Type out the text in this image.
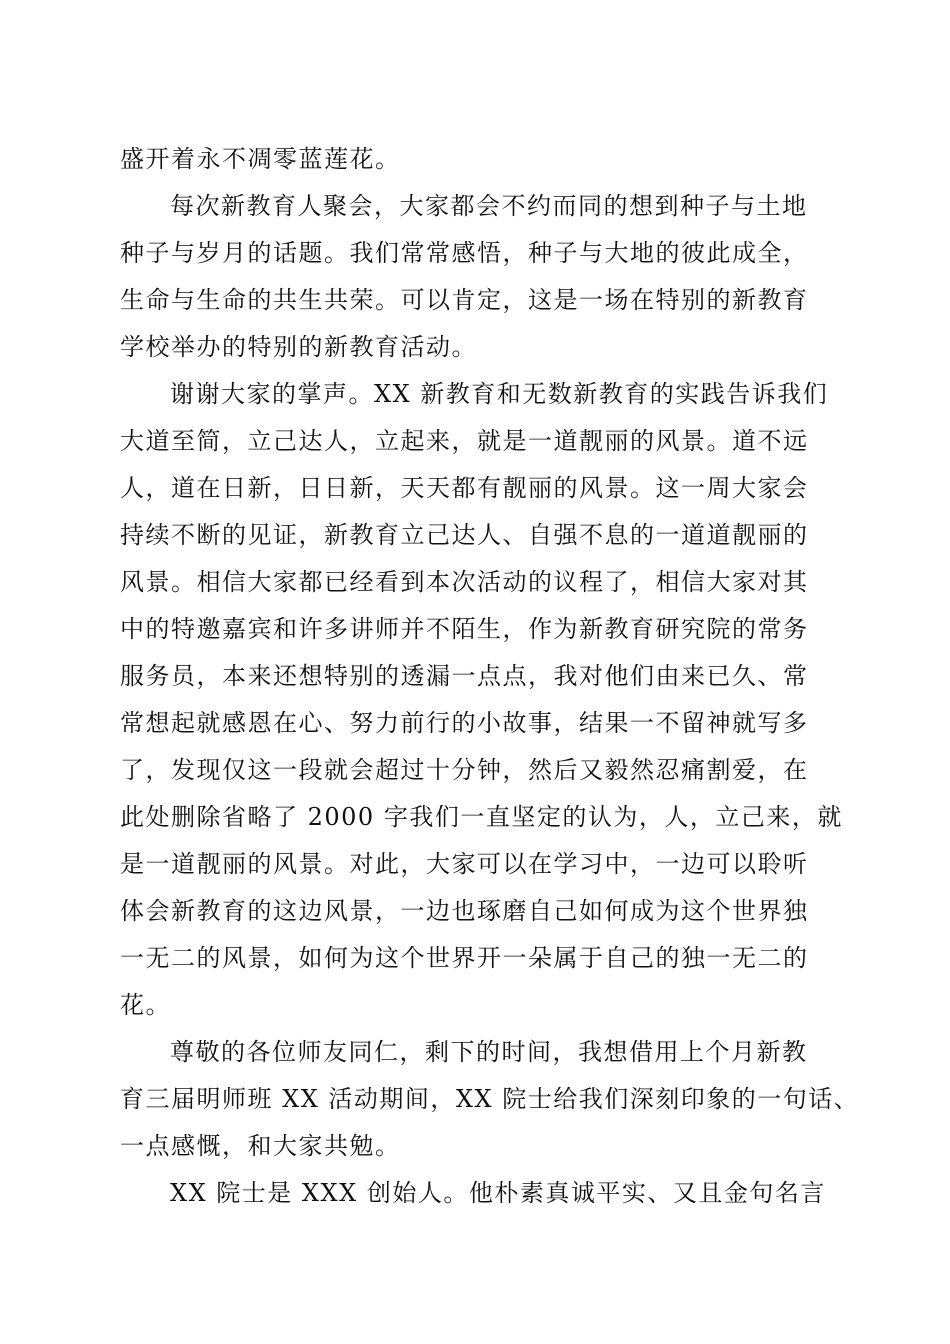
盛开着永不凋零蓝莲花。
每次新教育人聚会，大家都会不约而同的想到种子与土地
种子与岁月的话题。我们常常感悟，种子与大地的彼此成全，
生命与生命的共生共荣。可以肯定，这是一场在特别的新教育
学校举办的特别的新教育活动。
谢谢大家的掌声。XX 新教育和无数新教育的实践告诉我们
大道至简，立己达人，立起来，就是一道靓丽的风景。道不远
人，道在日新，日日新，天天都有靓丽的风景。这一周大家会
持续不断的见证，新教育立己达人、自强不息的一道道靓丽的
风景。相信大家都已经看到本次活动的议程了，相信大家对其
中的特邀嘉宾和许多讲师并不陌生，作为新教育研究院的常务
服务员，本来还想特别的透漏一点点，我对他们由来已久、常
常想起就感恩在心、努力前行的小故事，结果一不留神就写多
了，发现仅这一段就会超过十分钟，然后又毅然忍痛割爱，在
此处删除省略了 2000 字我们一直坚定的认为，人，立己来，就
是一道靓丽的风景。对此，大家可以在学习中，一边可以聆听
体会新教育的这边风景，一边也琢磨自己如何成为这个世界独
一无二的风景，如何为这个世界开一朵属于自己的独一无二的
花。
尊敬的各位师友同仁，剩下的时间，我想借用上个月新教
育三届明师班 XX 活动期间，XX 院士给我们深刻印象的一句话、
一点感慨，和大家共勉。
XX 院士是 XXX 创始人。他朴素真诚平实、又且金句名言
